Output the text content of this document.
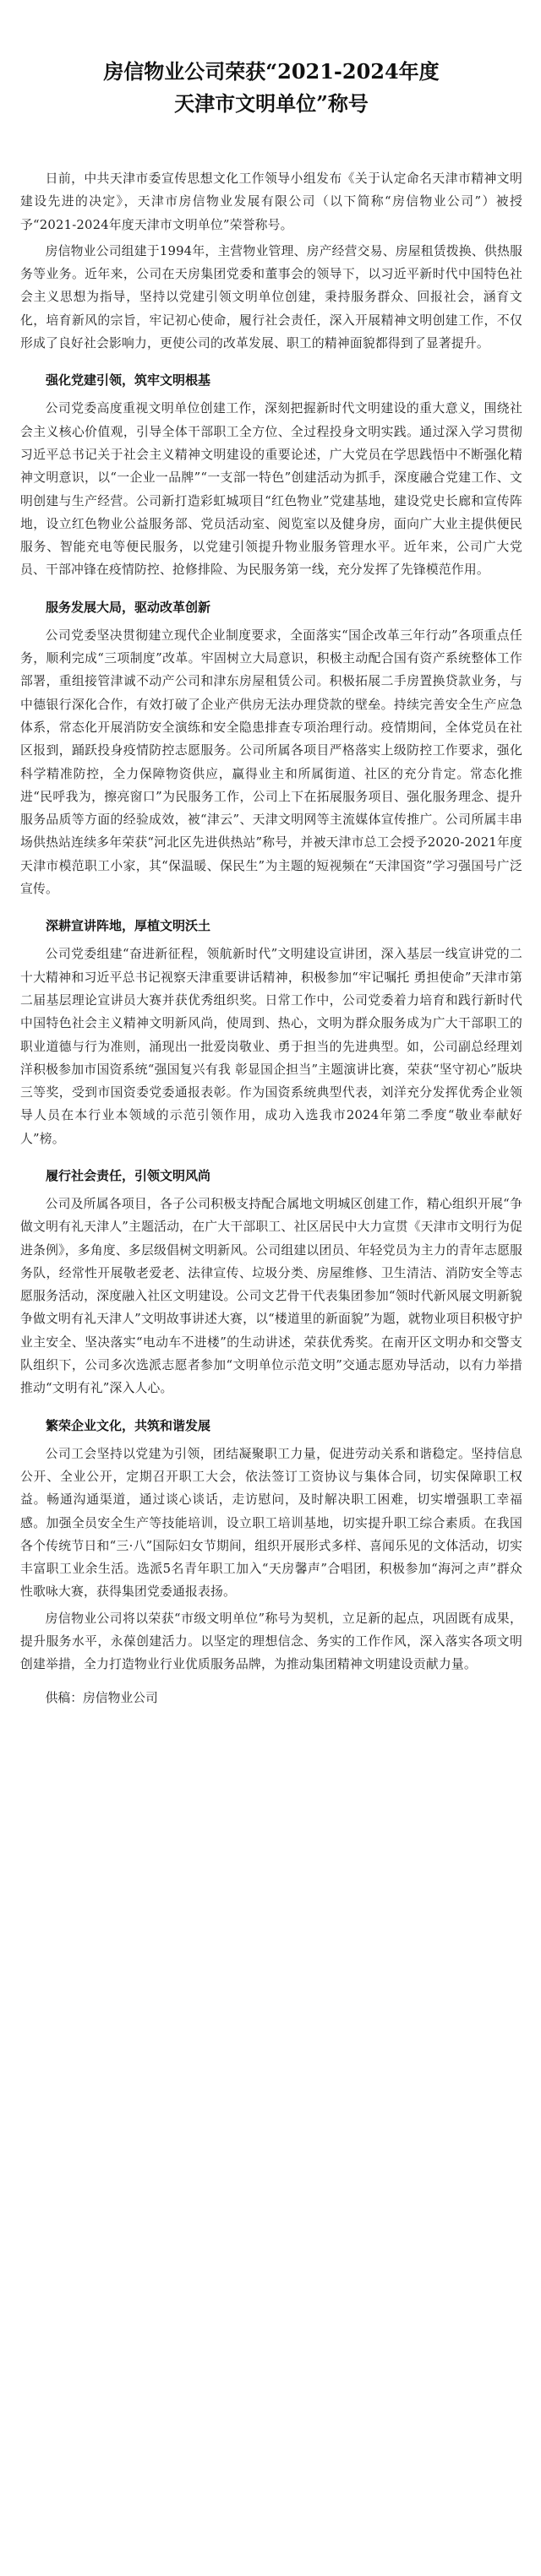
房信物业公司荣获“2021-2024年度
天津市文明单位”称号

日前，中共天津市委宣传思想文化工作领导小组发布《关于认定命名天津市精神文明建设先进的决定》，天津市房信物业发展有限公司（以下简称“房信物业公司”）被授予“2021-2024年度天津市文明单位”荣誉称号。

房信物业公司组建于1994年，主营物业管理、房产经营交易、房屋租赁拨换、供热服务等业务。近年来，公司在天房集团党委和董事会的领导下，以习近平新时代中国特色社会主义思想为指导，坚持以党建引领文明单位创建，秉持服务群众、回报社会，涵育文化，培育新风的宗旨，牢记初心使命，履行社会责任，深入开展精神文明创建工作，不仅形成了良好社会影响力，更使公司的改革发展、职工的精神面貌都得到了显著提升。

强化党建引领，筑牢文明根基

公司党委高度重视文明单位创建工作，深刻把握新时代文明建设的重大意义，围绕社会主义核心价值观，引导全体干部职工全方位、全过程投身文明实践。通过深入学习贯彻习近平总书记关于社会主义精神文明建设的重要论述，广大党员在学思践悟中不断强化精神文明意识，以“一企业一品牌”“一支部一特色”创建活动为抓手，深度融合党建工作、文明创建与生产经营。公司新打造彩虹城项目“红色物业”党建基地，建设党史长廊和宣传阵地，设立红色物业公益服务部、党员活动室、阅览室以及健身房，面向广大业主提供便民服务、智能充电等便民服务，以党建引领提升物业服务管理水平。近年来，公司广大党员、干部冲锋在疫情防控、抢修排险、为民服务第一线，充分发挥了先锋模范作用。

服务发展大局，驱动改革创新

公司党委坚决贯彻建立现代企业制度要求，全面落实“国企改革三年行动”各项重点任务，顺利完成“三项制度”改革。牢固树立大局意识，积极主动配合国有资产系统整体工作部署，重组接管津诚不动产公司和津东房屋租赁公司。积极拓展二手房置换贷款业务，与中德银行深化合作，有效打破了企业产供房无法办理贷款的壁垒。持续完善安全生产应急体系，常态化开展消防安全演练和安全隐患排查专项治理行动。疫情期间，全体党员在社区报到，踊跃投身疫情防控志愿服务。公司所属各项目严格落实上级防控工作要求，强化科学精准防控，全力保障物资供应，赢得业主和所属街道、社区的充分肯定。常态化推进“民呼我为，擦亮窗口”为民服务工作，公司上下在拓展服务项目、强化服务理念、提升服务品质等方面的经验成效，被“津云”、天津文明网等主流媒体宣传推广。公司所属丰串场供热站连续多年荣获“河北区先进供热站”称号，并被天津市总工会授予2020-2021年度天津市模范职工小家，其“保温暖、保民生”为主题的短视频在“天津国资”学习强国号广泛宣传。

深耕宣讲阵地，厚植文明沃土

公司党委组建“奋进新征程，领航新时代”文明建设宣讲团，深入基层一线宣讲党的二十大精神和习近平总书记视察天津重要讲话精神，积极参加“牢记嘱托 勇担使命”天津市第二届基层理论宣讲员大赛并获优秀组织奖。日常工作中，公司党委着力培育和践行新时代中国特色社会主义精神文明新风尚，使周到、热心，文明为群众服务成为广大干部职工的职业道德与行为准则，涌现出一批爱岗敬业、勇于担当的先进典型。如，公司副总经理刘洋积极参加市国资系统“强国复兴有我 彰显国企担当”主题演讲比赛，荣获“坚守初心”版块三等奖，受到市国资委党委通报表彰。作为国资系统典型代表，刘洋充分发挥优秀企业领导人员在本行业本领域的示范引领作用，成功入选我市2024年第二季度“敬业奉献好人”榜。

履行社会责任，引领文明风尚

公司及所属各项目，各子公司积极支持配合属地文明城区创建工作，精心组织开展“争做文明有礼天津人”主题活动，在广大干部职工、社区居民中大力宣贯《天津市文明行为促进条例》，多角度、多层级倡树文明新风。公司组建以团员、年轻党员为主力的青年志愿服务队，经常性开展敬老爱老、法律宣传、垃圾分类、房屋维修、卫生清洁、消防安全等志愿服务活动，深度融入社区文明建设。公司文艺骨干代表集团参加“领时代新风展文明新貌 争做文明有礼天津人”文明故事讲述大赛，以“楼道里的新面貌”为题，就物业项目积极守护业主安全、坚决落实“电动车不进楼”的生动讲述，荣获优秀奖。在南开区文明办和交警支队组织下，公司多次选派志愿者参加“文明单位示范文明”交通志愿劝导活动，以有力举措推动“文明有礼”深入人心。

繁荣企业文化，共筑和谐发展

公司工会坚持以党建为引领，团结凝聚职工力量，促进劳动关系和谐稳定。坚持信息公开、全业公开，定期召开职工大会，依法签订工资协议与集体合同，切实保障职工权益。畅通沟通渠道，通过谈心谈话，走访慰问，及时解决职工困难，切实增强职工幸福感。加强全员安全生产等技能培训，设立职工培训基地，切实提升职工综合素质。在我国各个传统节日和“三·八”国际妇女节期间，组织开展形式多样、喜闻乐见的文体活动，切实丰富职工业余生活。选派5名青年职工加入“天房馨声”合唱团，积极参加“海河之声”群众性歌咏大赛，获得集团党委通报表扬。

房信物业公司将以荣获“市级文明单位”称号为契机，立足新的起点，巩固既有成果，提升服务水平，永葆创建活力。以坚定的理想信念、务实的工作作风，深入落实各项文明创建举措，全力打造物业行业优质服务品牌，为推动集团精神文明建设贡献力量。

供稿：房信物业公司
